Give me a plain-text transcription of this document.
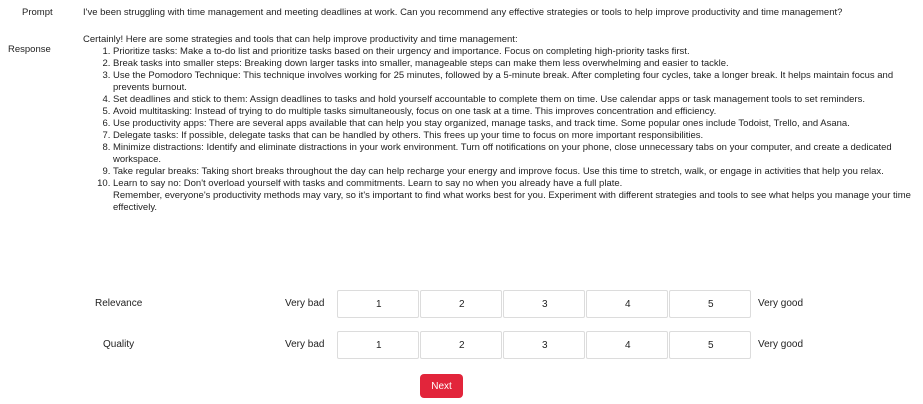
Prompt	I've been struggling with time management and meeting deadlines at work. Can you recommend any effective strategies or tools to help improve productivity and time management?
Response

Certainly! Here are some strategies and tools that can help improve productivity and time management:

1. Prioritize tasks: Make a to-do list and prioritize tasks based on their urgency and importance. Focus on completing high-priority tasks first.
2. Break tasks into smaller steps: Breaking down larger tasks into smaller, manageable steps can make them less overwhelming and easier to tackle.
3. Use the Pomodoro Technique: This technique involves working for 25 minutes, followed by a 5-minute break. After completing four cycles, take a longer break. It helps maintain focus and prevents burnout.
4. Set deadlines and stick to them: Assign deadlines to tasks and hold yourself accountable to complete them on time. Use calendar apps or task management tools to set reminders.
5. Avoid multitasking: Instead of trying to do multiple tasks simultaneously, focus on one task at a time. This improves concentration and efficiency.
6. Use productivity apps: There are several apps available that can help you stay organized, manage tasks, and track time. Some popular ones include Todoist, Trello, and Asana.
7. Delegate tasks: If possible, delegate tasks that can be handled by others. This frees up your time to focus on more important responsibilities.
8. Minimize distractions: Identify and eliminate distractions in your work environment. Turn off notifications on your phone, close unnecessary tabs on your computer, and create a dedicated workspace.
9. Take regular breaks: Taking short breaks throughout the day can help recharge your energy and improve focus. Use this time to stretch, walk, or engage in activities that help you relax.
10. Learn to say no: Don't overload yourself with tasks and commitments. Learn to say no when you already have a full plate.

Remember, everyone's productivity methods may vary, so it's important to find what works best for you. Experiment with different strategies and tools to see what helps you manage your time effectively.

Relevance	Very bad	1	2	3	4	5	Very good
Quality	Very bad	1	2	3	4	5	Very good
Next
